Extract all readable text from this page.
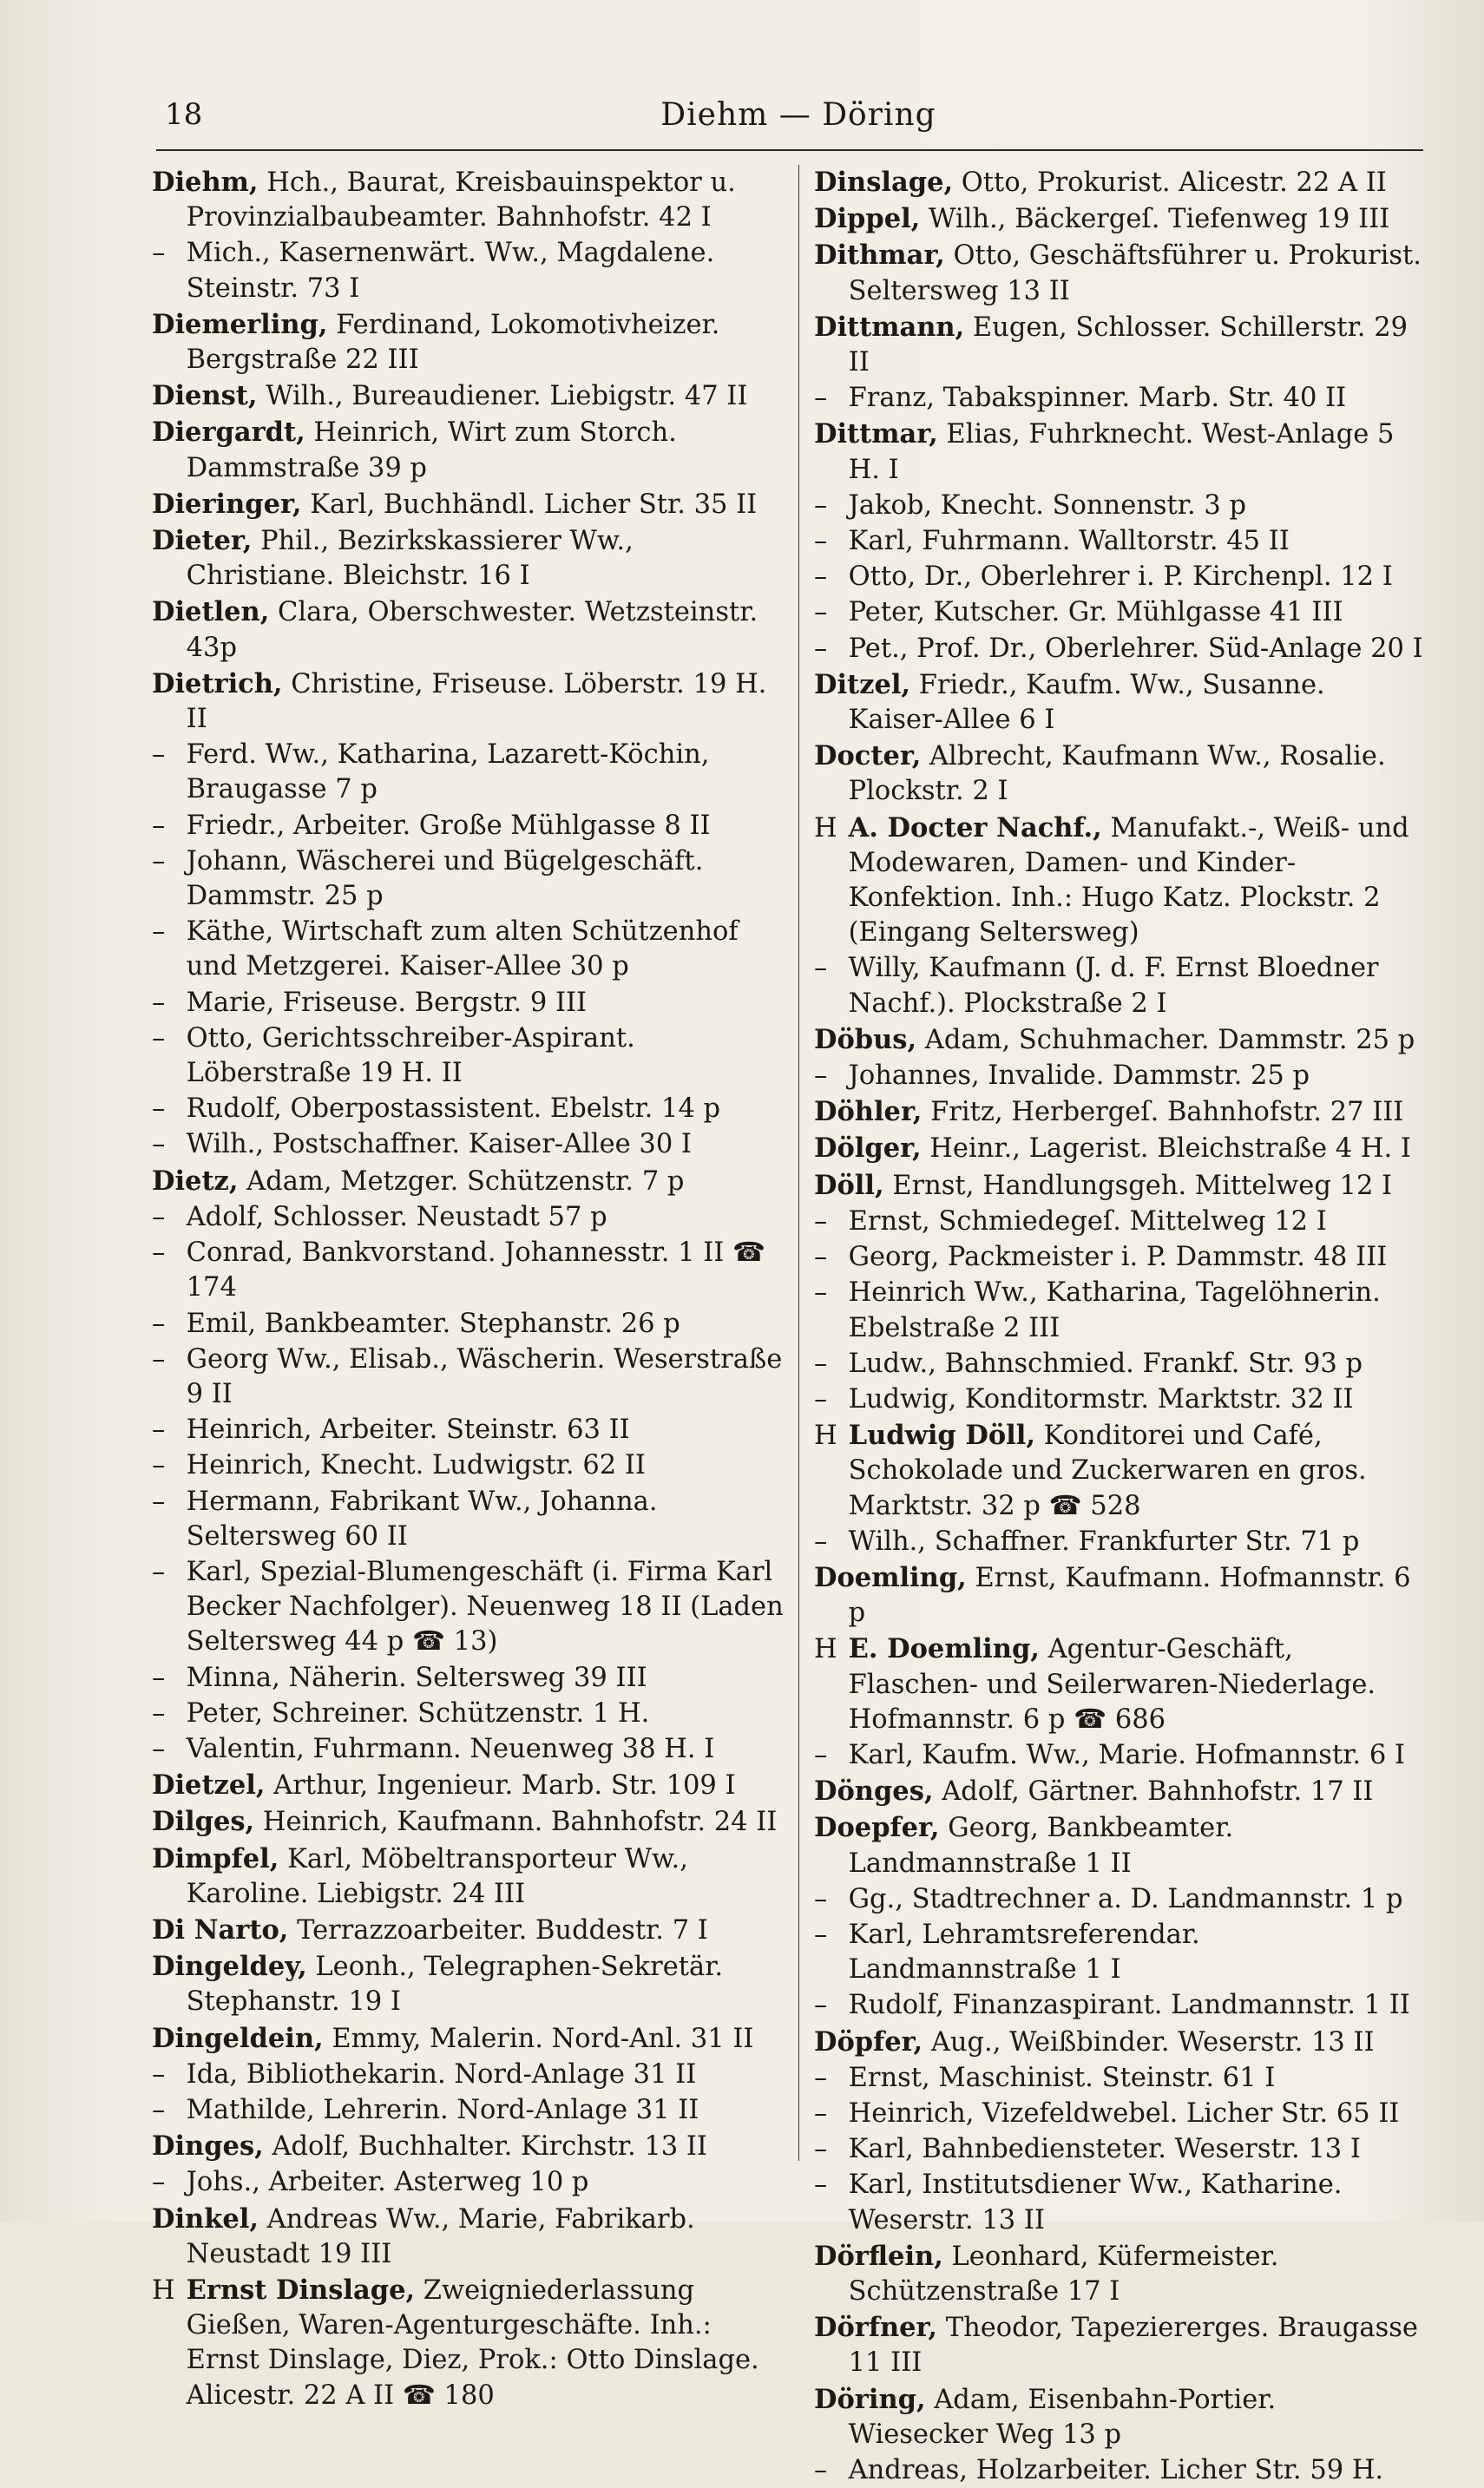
18	Diehm — Döring
Diehm, Hch., Baurat, Kreisbauinspektor u. Provinzialbaubeamter. Bahnhofstr. 42 I
– Mich., Kasernenwärt. Ww., Magdalene. Steinstr. 73 I
Diemerling, Ferdinand, Lokomotivheizer. Bergstraße 22 III
Dienst, Wilh., Bureaudiener. Liebigstr. 47 II
Diergardt, Heinrich, Wirt zum Storch. Dammstraße 39 p
Dieringer, Karl, Buchhändl. Licher Str. 35 II
Dieter, Phil., Bezirkskassierer Ww., Christiane. Bleichstr. 16 I
Dietlen, Clara, Oberschwester. Wetzsteinstr. 43p
Dietrich, Christine, Friseuse. Löberstr. 19 H. II
– Ferd. Ww., Katharina, Lazarett-Köchin, Braugasse 7 p
– Friedr., Arbeiter. Große Mühlgasse 8 II
– Johann, Wäscherei und Bügelgeschäft. Dammstr. 25 p
– Käthe, Wirtschaft zum alten Schützenhof und Metzgerei. Kaiser-Allee 30 p
– Marie, Friseuse. Bergstr. 9 III
– Otto, Gerichtsschreiber-Aspirant. Löberstraße 19 H. II
– Rudolf, Oberpostassistent. Ebelstr. 14 p
– Wilh., Postschaffner. Kaiser-Allee 30 I
Dietz, Adam, Metzger. Schützenstr. 7 p
– Adolf, Schlosser. Neustadt 57 p
– Conrad, Bankvorstand. Johannesstr. 1 II ☎ 174
– Emil, Bankbeamter. Stephanstr. 26 p
– Georg Ww., Elisab., Wäscherin. Weserstraße 9 II
– Heinrich, Arbeiter. Steinstr. 63 II
– Heinrich, Knecht. Ludwigstr. 62 II
– Hermann, Fabrikant Ww., Johanna. Seltersweg 60 II
– Karl, Spezial-Blumengeschäft (i. Firma Karl Becker Nachfolger). Neuenweg 18 II (Laden Seltersweg 44 p ☎ 13)
– Minna, Näherin. Seltersweg 39 III
– Peter, Schreiner. Schützenstr. 1 H.
– Valentin, Fuhrmann. Neuenweg 38 H. I
Dietzel, Arthur, Ingenieur. Marb. Str. 109 I
Dilges, Heinrich, Kaufmann. Bahnhofstr. 24 II
Dimpfel, Karl, Möbeltransporteur Ww., Karoline. Liebigstr. 24 III
Di Narto, Terrazzoarbeiter. Buddestr. 7 I
Dingeldey, Leonh., Telegraphen-Sekretär. Stephanstr. 19 I
Dingeldein, Emmy, Malerin. Nord-Anl. 31 II
– Ida, Bibliothekarin. Nord-Anlage 31 II
– Mathilde, Lehrerin. Nord-Anlage 31 II
Dinges, Adolf, Buchhalter. Kirchstr. 13 II
– Johs., Arbeiter. Asterweg 10 p
Dinkel, Andreas Ww., Marie, Fabrikarb. Neustadt 19 III
H Ernst Dinslage, Zweigniederlassung Gießen, Waren-Agenturgeschäfte. Inh.: Ernst Dinslage, Diez, Prok.: Otto Dinslage. Alicestr. 22 A II ☎ 180
Dinslage, Otto, Prokurist. Alicestr. 22 A II
Dippel, Wilh., Bäckergeſ. Tiefenweg 19 III
Dithmar, Otto, Geschäftsführer u. Prokurist. Seltersweg 13 II
Dittmann, Eugen, Schlosser. Schillerstr. 29 II
– Franz, Tabakspinner. Marb. Str. 40 II
Dittmar, Elias, Fuhrknecht. West-Anlage 5 H. I
– Jakob, Knecht. Sonnenstr. 3 p
– Karl, Fuhrmann. Walltorstr. 45 II
– Otto, Dr., Oberlehrer i. P. Kirchenpl. 12 I
– Peter, Kutscher. Gr. Mühlgasse 41 III
– Pet., Prof. Dr., Oberlehrer. Süd-Anlage 20 I
Ditzel, Friedr., Kaufm. Ww., Susanne. Kaiser-Allee 6 I
Docter, Albrecht, Kaufmann Ww., Rosalie. Plockstr. 2 I
H A. Docter Nachf., Manufakt.-, Weiß- und Modewaren, Damen- und Kinder-Konfektion. Inh.: Hugo Katz. Plockstr. 2 (Eingang Seltersweg)
– Willy, Kaufmann (J. d. F. Ernst Bloedner Nachf.). Plockstraße 2 I
Döbus, Adam, Schuhmacher. Dammstr. 25 p
– Johannes, Invalide. Dammstr. 25 p
Döhler, Fritz, Herbergeſ. Bahnhofstr. 27 III
Dölger, Heinr., Lagerist. Bleichstraße 4 H. I
Döll, Ernst, Handlungsgeh. Mittelweg 12 I
– Ernst, Schmiedegeſ. Mittelweg 12 I
– Georg, Packmeister i. P. Dammstr. 48 III
– Heinrich Ww., Katharina, Tagelöhnerin. Ebelstraße 2 III
– Ludw., Bahnschmied. Frankf. Str. 93 p
– Ludwig, Konditormstr. Marktstr. 32 II
H Ludwig Döll, Konditorei und Café, Schokolade und Zuckerwaren en gros. Marktstr. 32 p ☎ 528
– Wilh., Schaffner. Frankfurter Str. 71 p
Doemling, Ernst, Kaufmann. Hofmannstr. 6 p
H E. Doemling, Agentur-Geschäft, Flaschen- und Seilerwaren-Niederlage. Hofmannstr. 6 p ☎ 686
– Karl, Kaufm. Ww., Marie. Hofmannstr. 6 I
Dönges, Adolf, Gärtner. Bahnhofstr. 17 II
Doepfer, Georg, Bankbeamter. Landmannstraße 1 II
– Gg., Stadtrechner a. D. Landmannstr. 1 p
– Karl, Lehramtsreferendar. Landmannstraße 1 I
– Rudolf, Finanzaspirant. Landmannstr. 1 II
Döpfer, Aug., Weißbinder. Weserstr. 13 II
– Ernst, Maschinist. Steinstr. 61 I
– Heinrich, Vizefeldwebel. Licher Str. 65 II
– Karl, Bahnbediensteter. Weserstr. 13 I
– Karl, Institutsdiener Ww., Katharine. Weserstr. 13 II
Dörflein, Leonhard, Küfermeister. Schützenstraße 17 I
Dörfner, Theodor, Tapeziererges. Braugasse 11 III
Döring, Adam, Eisenbahn-Portier. Wiesecker Weg 13 p
– Andreas, Holzarbeiter. Licher Str. 59 H.
